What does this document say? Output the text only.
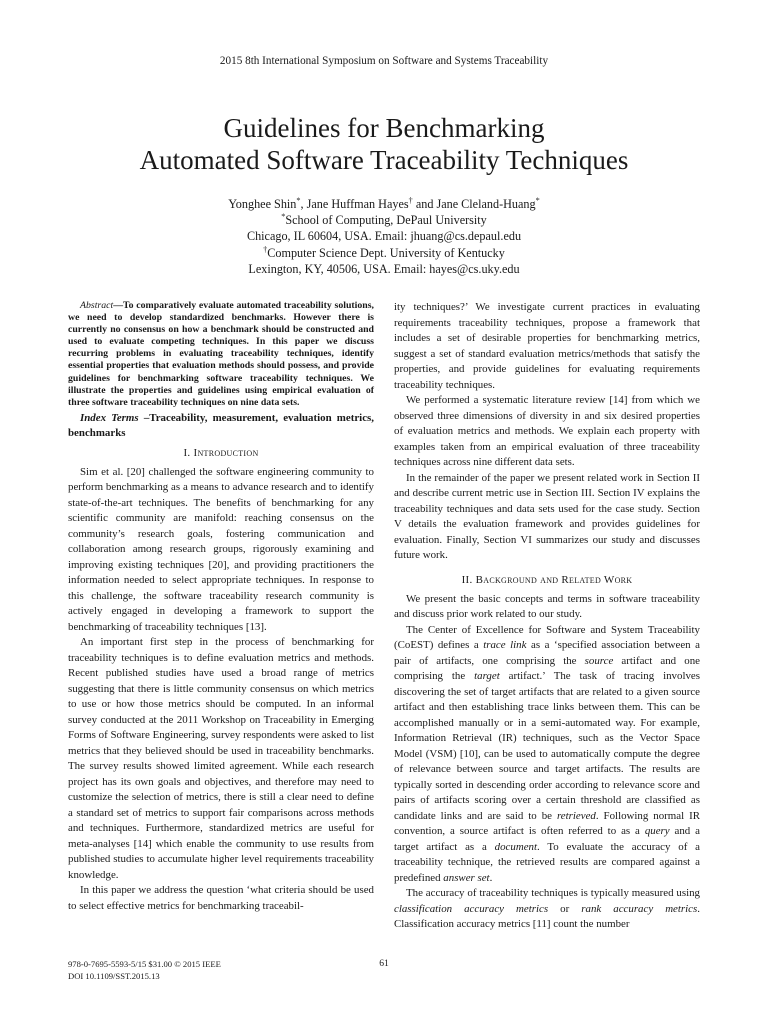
2015 8th International Symposium on Software and Systems Traceability
Guidelines for Benchmarking
Automated Software Traceability Techniques
Yonghee Shin*, Jane Huffman Hayes† and Jane Cleland-Huang*
*School of Computing, DePaul University
Chicago, IL 60604, USA. Email: jhuang@cs.depaul.edu
†Computer Science Dept. University of Kentucky
Lexington, KY, 40506, USA. Email: hayes@cs.uky.edu

Abstract—To comparatively evaluate automated traceability solutions, we need to develop standardized benchmarks. However there is currently no consensus on how a benchmark should be constructed and used to evaluate competing techniques. In this paper we discuss recurring problems in evaluating traceability techniques, identify essential properties that evaluation methods should possess, and provide guidelines for benchmarking software traceability techniques. We illustrate the properties and guidelines using empirical evaluation of three software traceability techniques on nine data sets.

Index Terms –Traceability, measurement, evaluation metrics, benchmarks

I. Introduction

Sim et al. [20] challenged the software engineering community to perform benchmarking as a means to advance research and to identify state-of-the-art techniques. The benefits of benchmarking for any scientific community are manifold: reaching consensus on the community’s research goals, fostering communication and collaboration among research groups, rigorously examining and improving existing techniques [20], and providing practitioners the information needed to select appropriate techniques. In response to this challenge, the software traceability research community is actively engaged in developing a framework to support the benchmarking of traceability techniques [13].

An important first step in the process of benchmarking for traceability techniques is to define evaluation metrics and methods. Recent published studies have used a broad range of metrics suggesting that there is little community consensus on which metrics to use or how those metrics should be computed. In an informal survey conducted at the 2011 Workshop on Traceability in Emerging Forms of Software Engineering, survey respondents were asked to list metrics that they believed should be used in traceability benchmarks. The survey results showed limited agreement. While each research project has its own goals and objectives, and therefore may need to customize the selection of metrics, there is still a clear need to define a standard set of metrics to support fair comparisons across methods and techniques. Furthermore, standardized metrics are useful for meta-analyses [14] which enable the community to use results from published studies to accumulate higher level requirements traceability knowledge.

In this paper we address the question ‘what criteria should be used to select effective metrics for benchmarking traceabil-

ity techniques?’ We investigate current practices in evaluating requirements traceability techniques, propose a framework that includes a set of desirable properties for benchmarking metrics, suggest a set of standard evaluation metrics/methods that satisfy the properties, and provide guidelines for evaluating requirements traceability techniques.

We performed a systematic literature review [14] from which we observed three dimensions of diversity in and six desired properties of evaluation metrics and methods. We explain each property with examples taken from an empirical evaluation of three traceability techniques across nine different data sets.

In the remainder of the paper we present related work in Section II and describe current metric use in Section III. Section IV explains the traceability techniques and data sets used for the case study. Section V details the evaluation framework and provides guidelines for evaluation. Finally, Section VI summarizes our study and discusses future work.

II. Background and Related Work

We present the basic concepts and terms in software traceability and discuss prior work related to our study.

The Center of Excellence for Software and System Traceability (CoEST) defines a trace link as a ‘specified association between a pair of artifacts, one comprising the source artifact and one comprising the target artifact.’ The task of tracing involves discovering the set of target artifacts that are related to a given source artifact and then establishing trace links between them. This can be accomplished manually or in a semi-automated way. For example, Information Retrieval (IR) techniques, such as the Vector Space Model (VSM) [10], can be used to automatically compute the degree of relevance between source and target artifacts. The results are typically sorted in descending order according to relevance score and pairs of artifacts scoring over a certain threshold are classified as candidate links and are said to be retrieved. Following normal IR convention, a source artifact is often referred to as a query and a target artifact as a document. To evaluate the accuracy of a traceability technique, the retrieved results are compared against a predefined answer set.

The accuracy of traceability techniques is typically measured using classification accuracy metrics or rank accuracy metrics. Classification accuracy metrics [11] count the number

978-0-7695-5593-5/15 $31.00 © 2015 IEEE
DOI 10.1109/SST.2015.13
61
